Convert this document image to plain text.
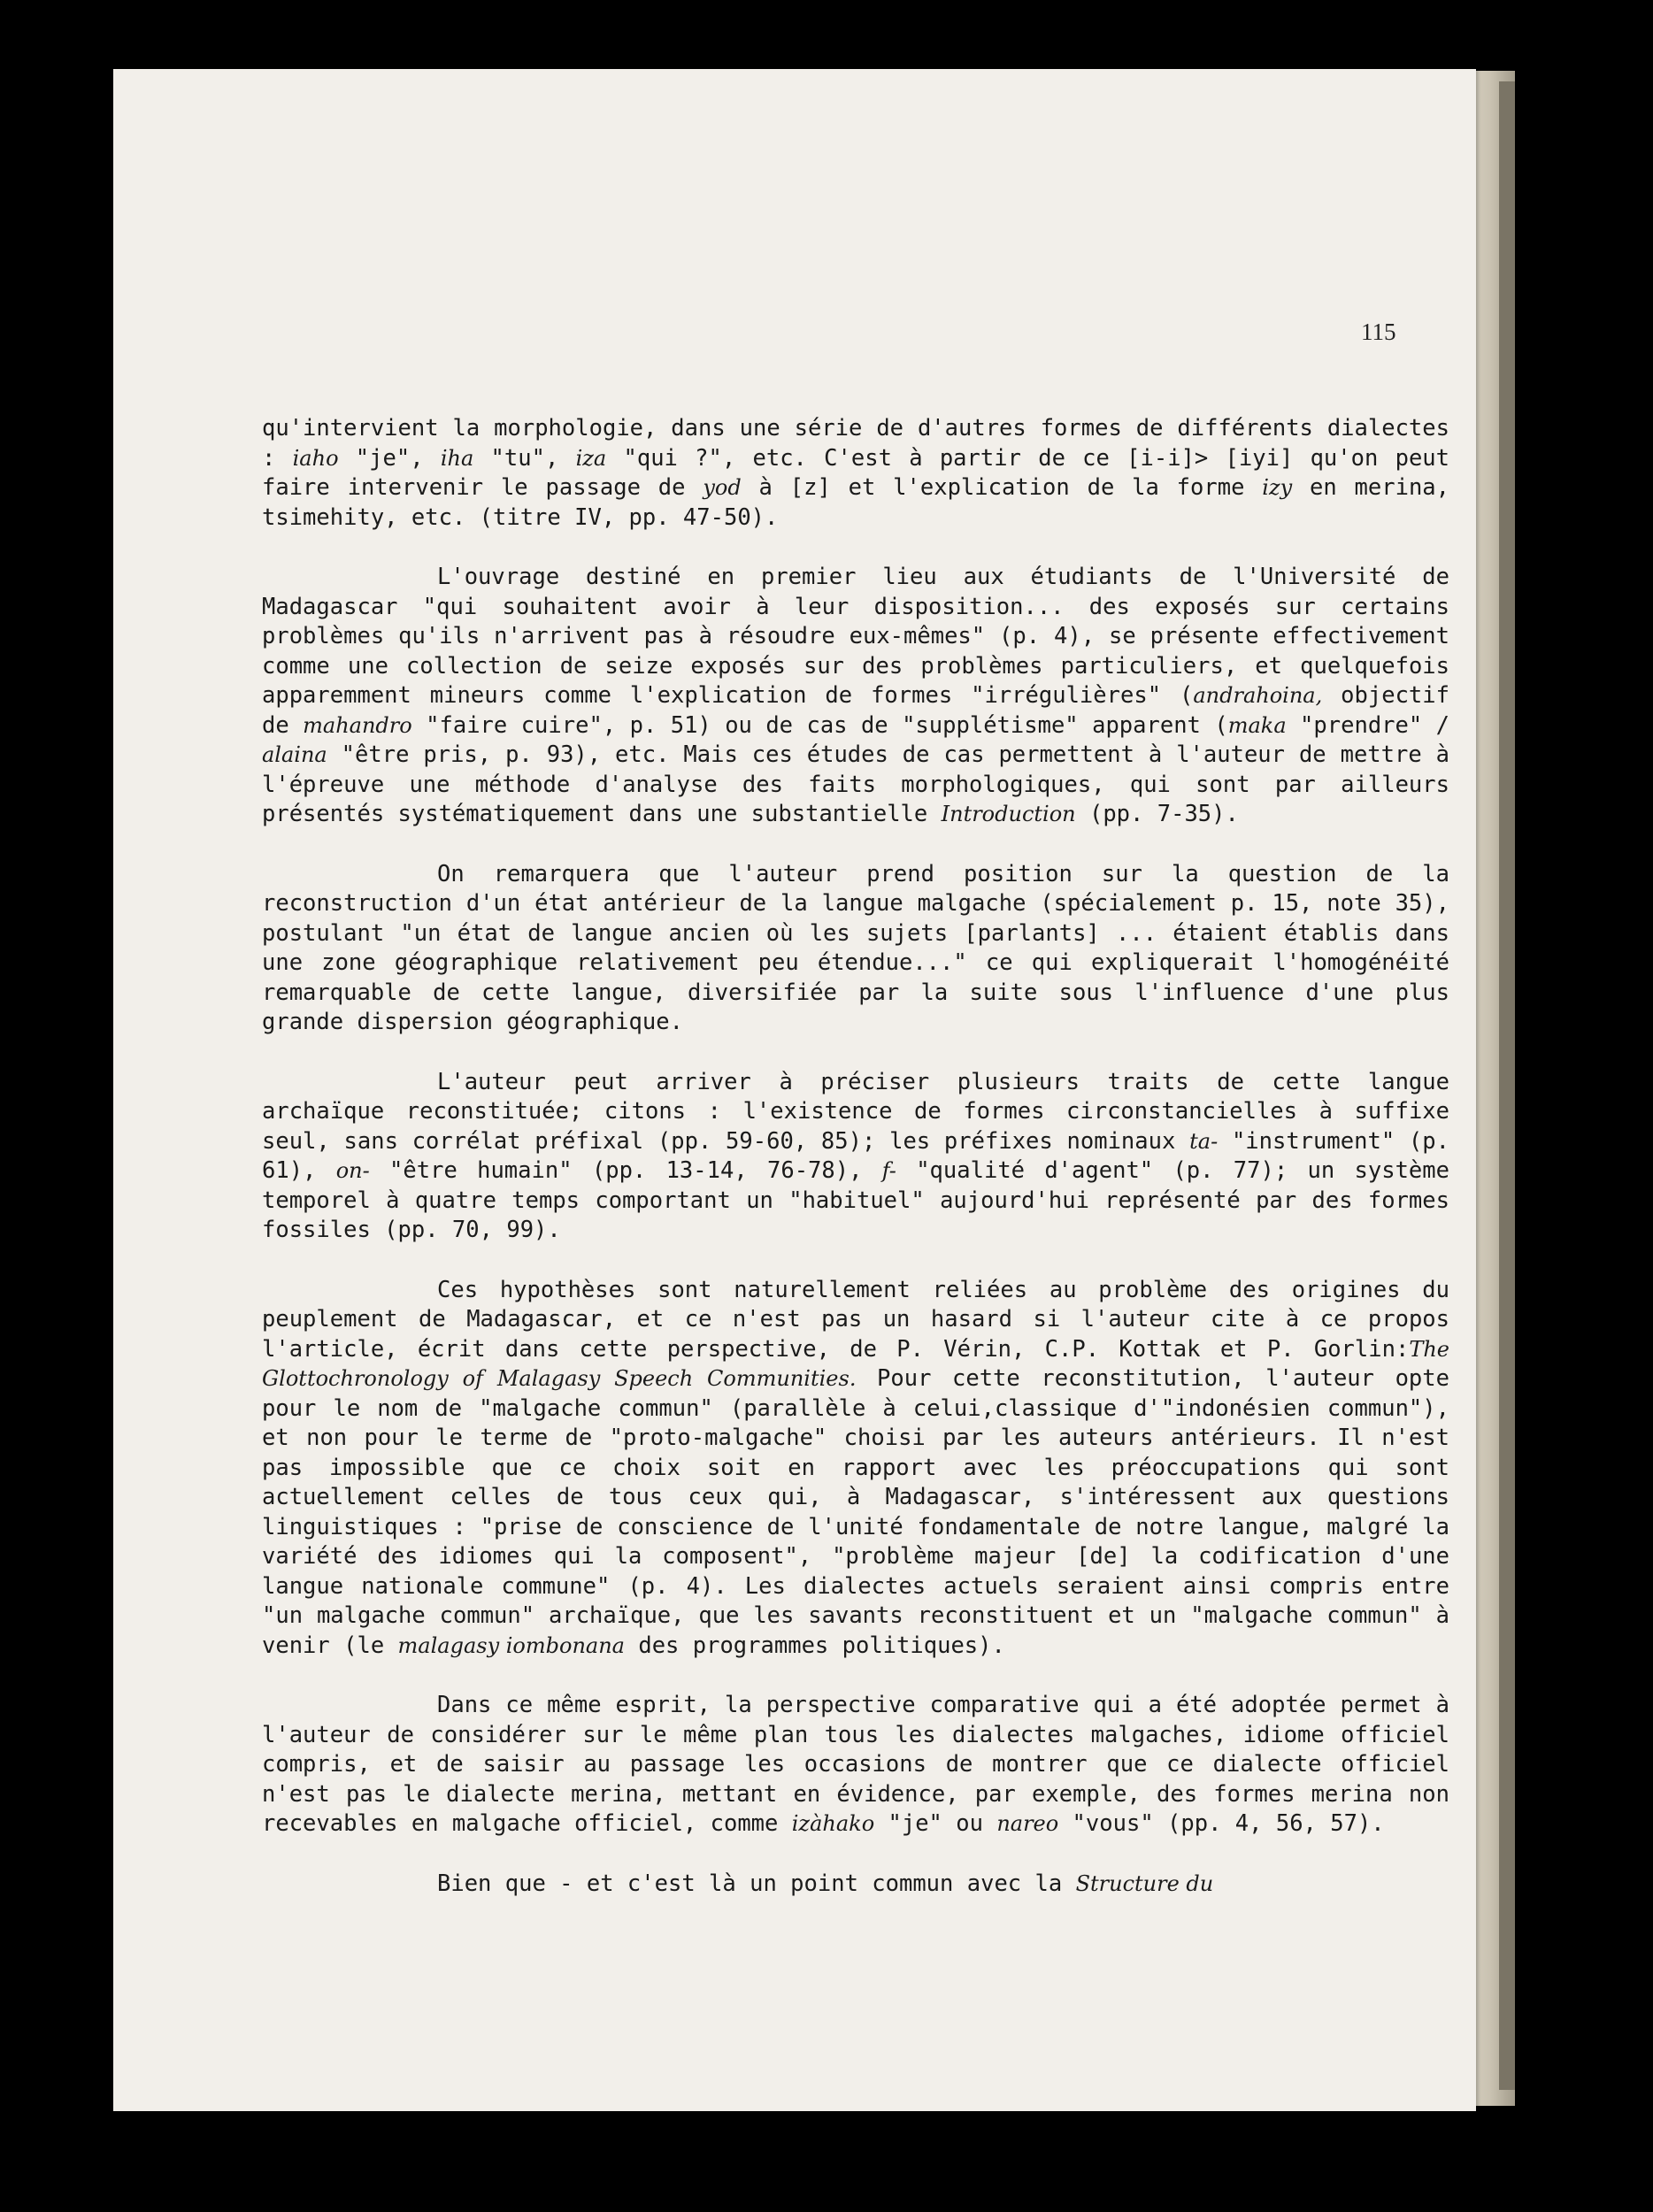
115

qu'intervient la morphologie, dans une série de d'autres formes de différents dialectes : iaho "je", iha "tu", iza "qui ?", etc. C'est à partir de ce [i-i]> [iyi] qu'on peut faire intervenir le passage de yod à [z] et l'explication de la forme izy en merina, tsimehity, etc. (titre IV, pp. 47-50).

L'ouvrage destiné en premier lieu aux étudiants de l'Université de Madagascar "qui souhaitent avoir à leur disposition... des exposés sur certains problèmes qu'ils n'arrivent pas à résoudre eux-mêmes" (p. 4), se présente effectivement comme une collection de seize exposés sur des problèmes particuliers, et quelquefois apparemment mineurs comme l'explication de formes "irrégulières" (andrahoina, objectif de mahandro "faire cuire", p. 51) ou de cas de "supplétisme" apparent (maka "prendre" / alaina "être pris, p. 93), etc. Mais ces études de cas permettent à l'auteur de mettre à l'épreuve une méthode d'analyse des faits morphologiques, qui sont par ailleurs présentés systématiquement dans une substantielle Introduction (pp. 7-35).

On remarquera que l'auteur prend position sur la question de la reconstruction d'un état antérieur de la langue malgache (spécialement p. 15, note 35), postulant "un état de langue ancien où les sujets [parlants] ... étaient établis dans une zone géographique relativement peu étendue..." ce qui expliquerait l'homogénéité remarquable de cette langue, diversifiée par la suite sous l'influence d'une plus grande dispersion géographique.

L'auteur peut arriver à préciser plusieurs traits de cette langue archaïque reconstituée; citons : l'existence de formes circonstancielles à suffixe seul, sans corrélat préfixal (pp. 59-60, 85); les préfixes nominaux ta- "instrument" (p. 61), on- "être humain" (pp. 13-14, 76-78), f- "qualité d'agent" (p. 77); un système temporel à quatre temps comportant un "habituel" aujourd'hui représenté par des formes fossiles (pp. 70, 99).

Ces hypothèses sont naturellement reliées au problème des origines du peuplement de Madagascar, et ce n'est pas un hasard si l'auteur cite à ce propos l'article, écrit dans cette perspective, de P. Vérin, C.P. Kottak et P. Gorlin:The Glottochronology of Malagasy Speech Communities. Pour cette reconstitution, l'auteur opte pour le nom de "malgache commun" (parallèle à celui,classique d'"indonésien commun"), et non pour le terme de "proto-malgache" choisi par les auteurs antérieurs. Il n'est pas impossible que ce choix soit en rapport avec les préoccupations qui sont actuellement celles de tous ceux qui, à Madagascar, s'intéressent aux questions linguistiques : "prise de conscience de l'unité fondamentale de notre langue, malgré la variété des idiomes qui la composent", "problème majeur [de] la codification d'une langue nationale commune" (p. 4). Les dialectes actuels seraient ainsi compris entre "un malgache commun" archaïque, que les savants reconstituent et un "malgache commun" à venir (le malagasy iombonana des programmes politiques).

Dans ce même esprit, la perspective comparative qui a été adoptée permet à l'auteur de considérer sur le même plan tous les dialectes malgaches, idiome officiel compris, et de saisir au passage les occasions de montrer que ce dialecte officiel n'est pas le dialecte merina, mettant en évidence, par exemple, des formes merina non recevables en malgache officiel, comme izàhako "je" ou nareo "vous" (pp. 4, 56, 57).

Bien que - et c'est là un point commun avec la Structure du
